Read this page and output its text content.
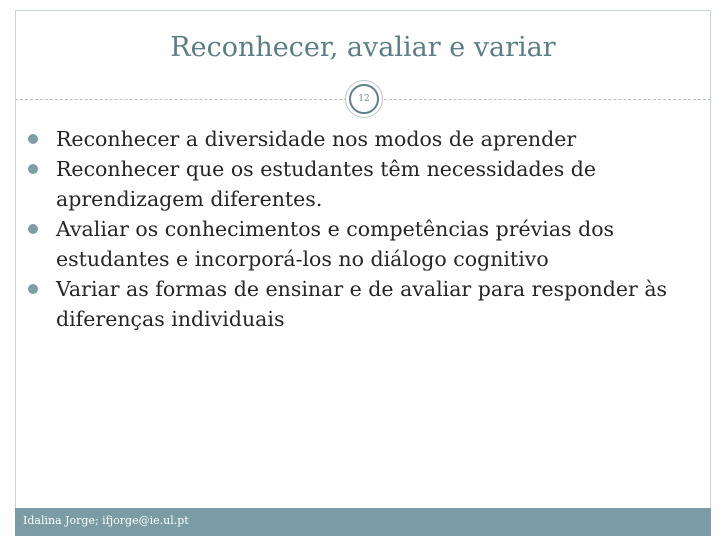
Reconhecer, avaliar e variar
12
Reconhecer a diversidade nos modos de aprender
Reconhecer que os estudantes têm necessidades de aprendizagem diferentes.
Avaliar os conhecimentos e competências prévias dos estudantes e incorporá-los no diálogo cognitivo
Variar as formas de ensinar e de avaliar para responder às diferenças individuais
Idalina Jorge; ifjorge@ie.ul.pt
